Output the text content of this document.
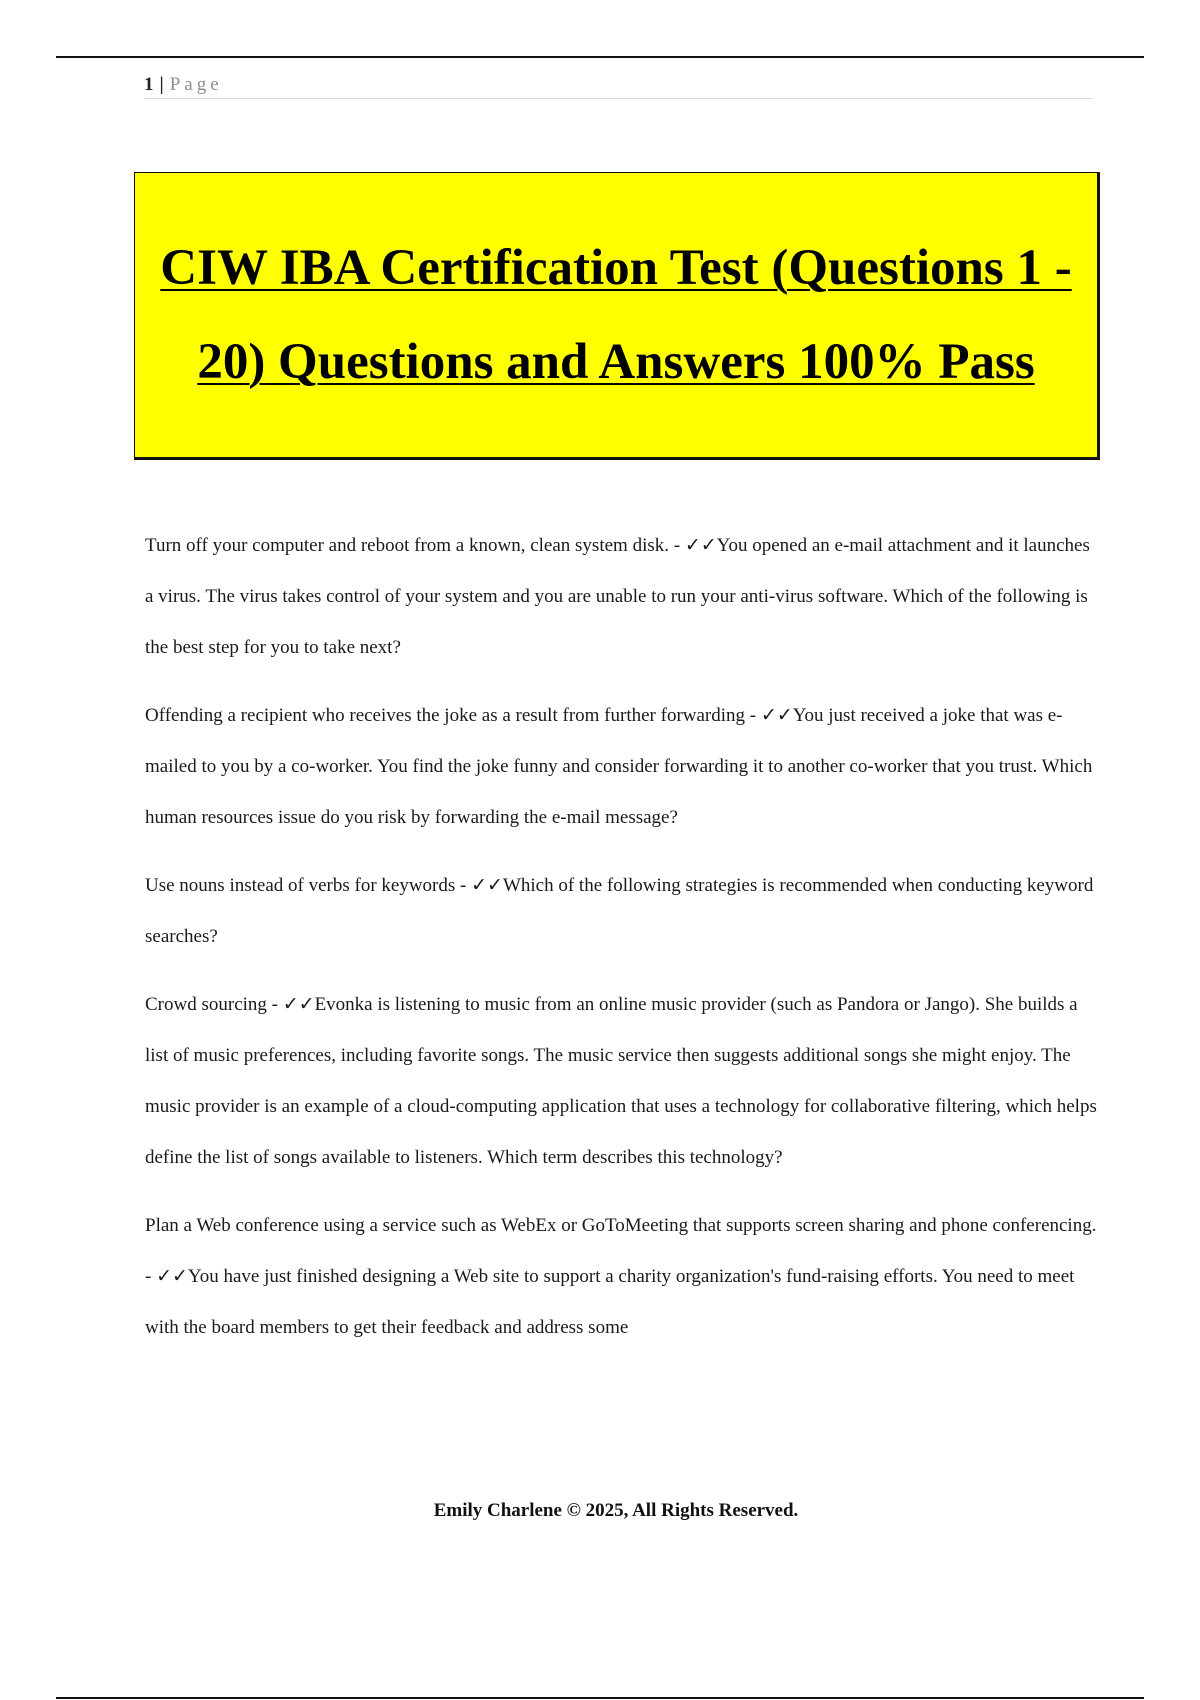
1 | Page
CIW IBA Certification Test (Questions 1 - 20) Questions and Answers 100% Pass

Turn off your computer and reboot from a known, clean system disk. - ✓✓You opened an e-mail attachment and it launches a virus. The virus takes control of your system and you are unable to run your anti-virus software. Which of the following is the best step for you to take next?

Offending a recipient who receives the joke as a result from further forwarding - ✓✓You just received a joke that was e-mailed to you by a co-worker. You find the joke funny and consider forwarding it to another co-worker that you trust. Which human resources issue do you risk by forwarding the e-mail message?

Use nouns instead of verbs for keywords - ✓✓Which of the following strategies is recommended when conducting keyword searches?

Crowd sourcing - ✓✓Evonka is listening to music from an online music provider (such as Pandora or Jango). She builds a list of music preferences, including favorite songs. The music service then suggests additional songs she might enjoy. The music provider is an example of a cloud-computing application that uses a technology for collaborative filtering, which helps define the list of songs available to listeners. Which term describes this technology?

Plan a Web conference using a service such as WebEx or GoToMeeting that supports screen sharing and phone conferencing. - ✓✓You have just finished designing a Web site to support a charity organization's fund-raising efforts. You need to meet with the board members to get their feedback and address some

Emily Charlene © 2025, All Rights Reserved.
